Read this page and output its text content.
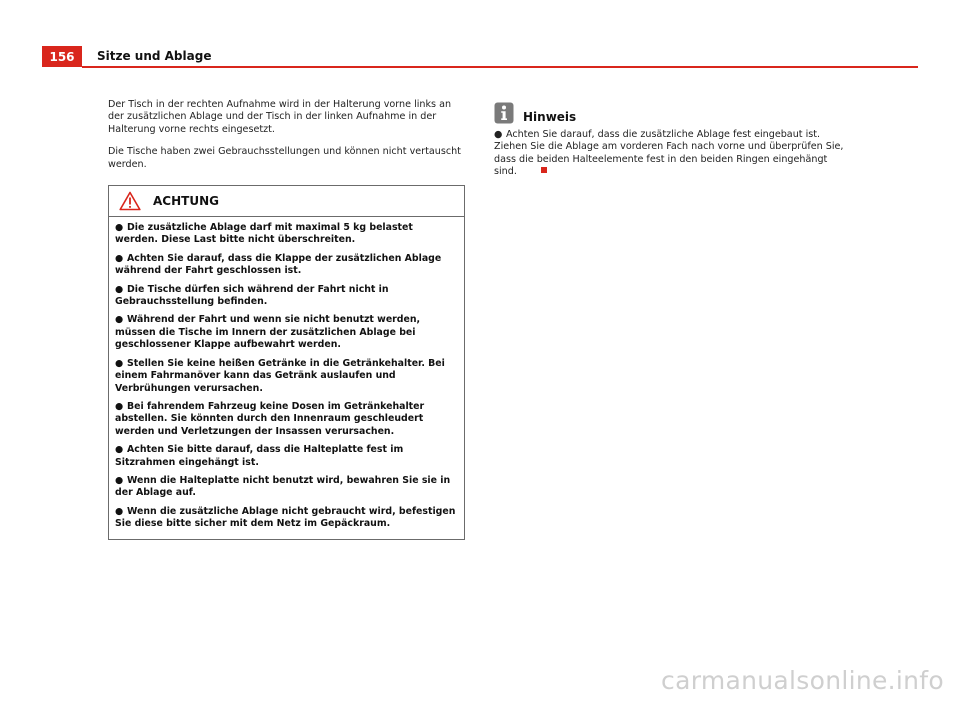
156	Sitze und Ablage

Der Tisch in der rechten Aufnahme wird in der Halterung vorne links an der zusätzlichen Ablage und der Tisch in der linken Aufnahme in der Halterung vorne rechts eingesetzt.

Die Tische haben zwei Gebrauchsstellungen und können nicht vertauscht werden.

ACHTUNG

● Die zusätzliche Ablage darf mit maximal 5 kg belastet werden. Diese Last bitte nicht überschreiten.

● Achten Sie darauf, dass die Klappe der zusätzlichen Ablage während der Fahrt geschlossen ist.

● Die Tische dürfen sich während der Fahrt nicht in Gebrauchsstellung befinden.

● Während der Fahrt und wenn sie nicht benutzt werden, müssen die Tische im Innern der zusätzlichen Ablage bei geschlossener Klappe aufbewahrt werden.

● Stellen Sie keine heißen Getränke in die Getränkehalter. Bei einem Fahrmanöver kann das Getränk auslaufen und Verbrühungen verursachen.

● Bei fahrendem Fahrzeug keine Dosen im Getränkehalter abstellen. Sie könnten durch den Innenraum geschleudert werden und Verletzungen der Insassen verursachen.

● Achten Sie bitte darauf, dass die Halteplatte fest im Sitzrahmen eingehängt ist.

● Wenn die Halteplatte nicht benutzt wird, bewahren Sie sie in der Ablage auf.

● Wenn die zusätzliche Ablage nicht gebraucht wird, befestigen Sie diese bitte sicher mit dem Netz im Gepäckraum.

Hinweis

● Achten Sie darauf, dass die zusätzliche Ablage fest eingebaut ist. Ziehen Sie die Ablage am vorderen Fach nach vorne und überprüfen Sie, dass die beiden Halteelemente fest in den beiden Ringen eingehängt sind.

carmanualsonline.info
